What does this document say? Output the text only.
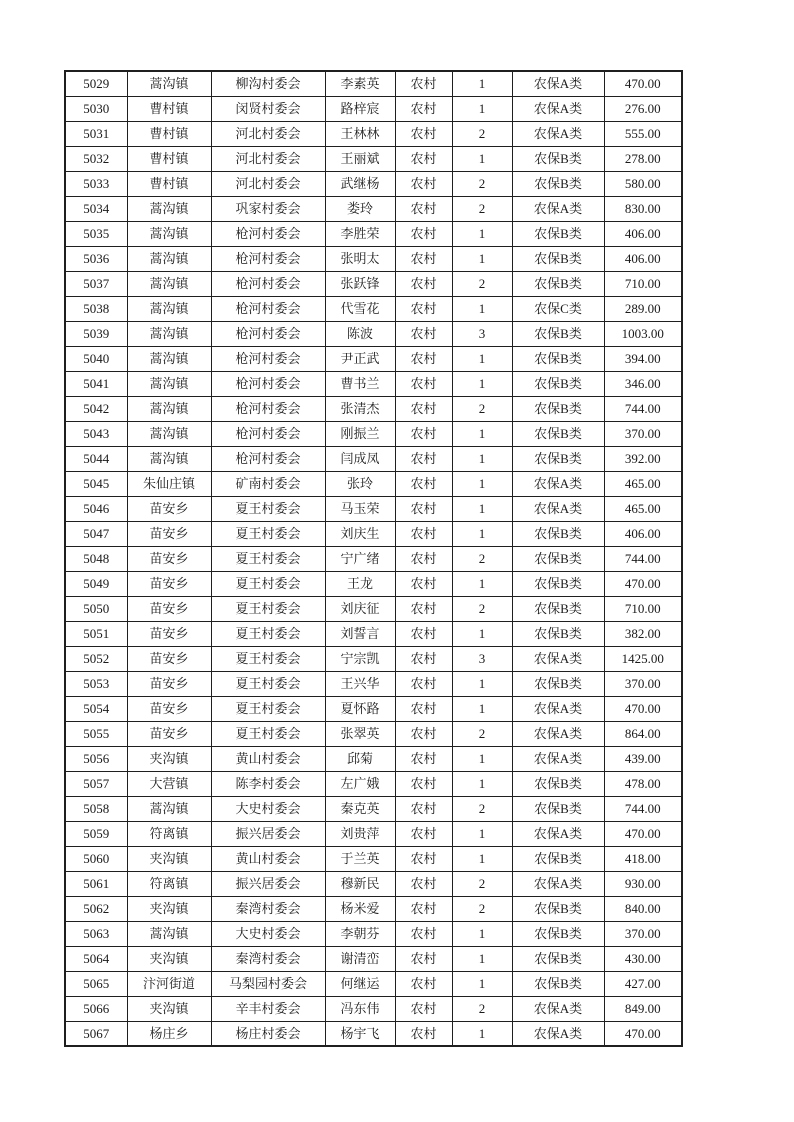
5029	蒿沟镇	柳沟村委会	李素英	农村	1	农保A类	470.00
5030	曹村镇	闵贤村委会	路梓宸	农村	1	农保A类	276.00
5031	曹村镇	河北村委会	王林林	农村	2	农保A类	555.00
5032	曹村镇	河北村委会	王丽斌	农村	1	农保B类	278.00
5033	曹村镇	河北村委会	武继杨	农村	2	农保B类	580.00
5034	蒿沟镇	巩家村委会	娄玲	农村	2	农保A类	830.00
5035	蒿沟镇	枪河村委会	李胜荣	农村	1	农保B类	406.00
5036	蒿沟镇	枪河村委会	张明太	农村	1	农保B类	406.00
5037	蒿沟镇	枪河村委会	张跃锋	农村	2	农保B类	710.00
5038	蒿沟镇	枪河村委会	代雪花	农村	1	农保C类	289.00
5039	蒿沟镇	枪河村委会	陈波	农村	3	农保B类	1003.00
5040	蒿沟镇	枪河村委会	尹正武	农村	1	农保B类	394.00
5041	蒿沟镇	枪河村委会	曹书兰	农村	1	农保B类	346.00
5042	蒿沟镇	枪河村委会	张清杰	农村	2	农保B类	744.00
5043	蒿沟镇	枪河村委会	刚振兰	农村	1	农保B类	370.00
5044	蒿沟镇	枪河村委会	闫成凤	农村	1	农保B类	392.00
5045	朱仙庄镇	矿南村委会	张玲	农村	1	农保A类	465.00
5046	苗安乡	夏王村委会	马玉荣	农村	1	农保A类	465.00
5047	苗安乡	夏王村委会	刘庆生	农村	1	农保B类	406.00
5048	苗安乡	夏王村委会	宁广绪	农村	2	农保B类	744.00
5049	苗安乡	夏王村委会	王龙	农村	1	农保B类	470.00
5050	苗安乡	夏王村委会	刘庆征	农村	2	农保B类	710.00
5051	苗安乡	夏王村委会	刘誓言	农村	1	农保B类	382.00
5052	苗安乡	夏王村委会	宁宗凯	农村	3	农保A类	1425.00
5053	苗安乡	夏王村委会	王兴华	农村	1	农保B类	370.00
5054	苗安乡	夏王村委会	夏怀路	农村	1	农保A类	470.00
5055	苗安乡	夏王村委会	张翠英	农村	2	农保A类	864.00
5056	夹沟镇	黄山村委会	邱菊	农村	1	农保A类	439.00
5057	大营镇	陈李村委会	左广娥	农村	1	农保B类	478.00
5058	蒿沟镇	大史村委会	秦克英	农村	2	农保B类	744.00
5059	符离镇	振兴居委会	刘贵萍	农村	1	农保A类	470.00
5060	夹沟镇	黄山村委会	于兰英	农村	1	农保B类	418.00
5061	符离镇	振兴居委会	穆新民	农村	2	农保A类	930.00
5062	夹沟镇	秦湾村委会	杨米爱	农村	2	农保B类	840.00
5063	蒿沟镇	大史村委会	李朝芬	农村	1	农保B类	370.00
5064	夹沟镇	秦湾村委会	谢清峦	农村	1	农保B类	430.00
5065	汴河街道	马梨园村委会	何继运	农村	1	农保B类	427.00
5066	夹沟镇	辛丰村委会	冯东伟	农村	2	农保A类	849.00
5067	杨庄乡	杨庄村委会	杨宇飞	农村	1	农保A类	470.00
